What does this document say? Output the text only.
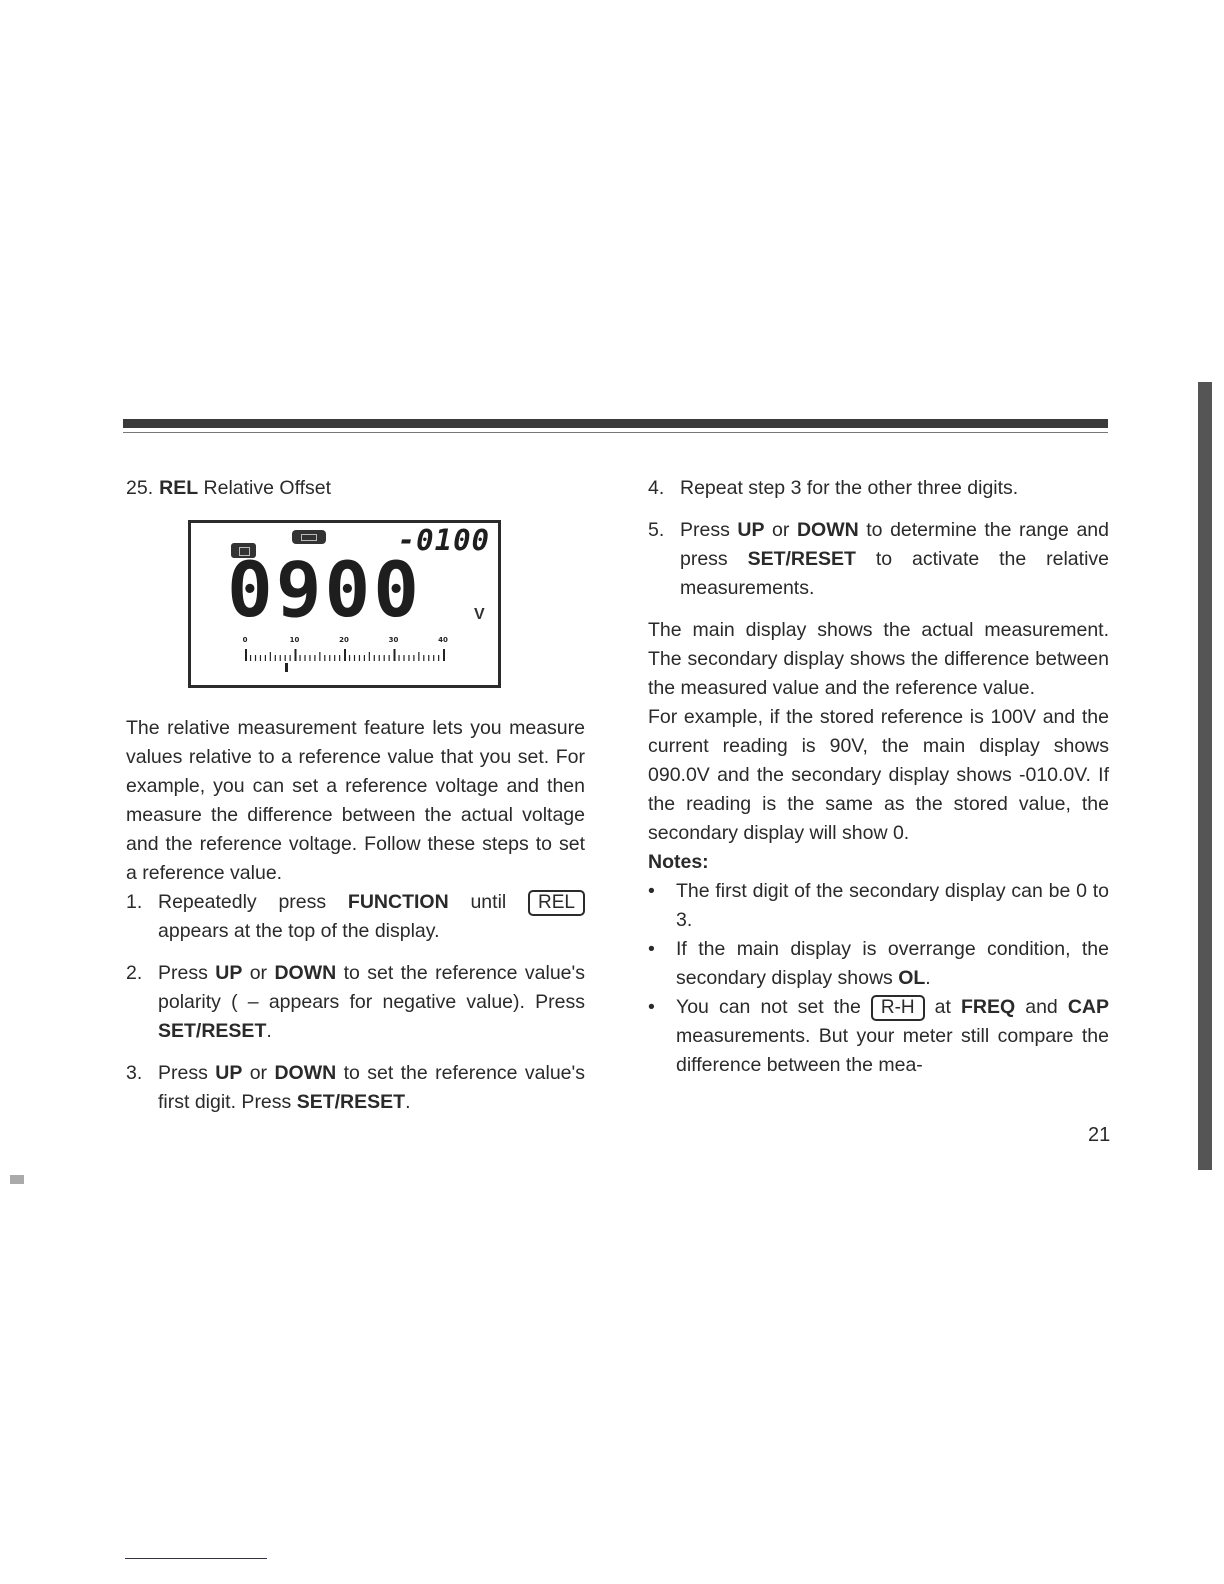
25. REL Relative Offset
-0100
0900	V
0	10	20	30	40
The relative measurement feature lets you measure values relative to a reference value that you set. For example, you can set a reference voltage and then measure the difference between the actual voltage and the reference voltage. Follow these steps to set a reference value.
1. Repeatedly press FUNCTION until REL appears at the top of the display.
2. Press UP or DOWN to set the reference value's polarity ( – appears for negative value). Press SET/RESET.
3. Press UP or DOWN to set the reference value's first digit. Press SET/RESET.
4. Repeat step 3 for the other three digits.
5. Press UP or DOWN to determine the range and press SET/RESET to activate the relative measurements.
The main display shows the actual measurement. The secondary display shows the difference between the measured value and the reference value.
For example, if the stored reference is 100V and the current reading is 90V, the main display shows 090.0V and the secondary display shows -010.0V. If the reading is the same as the stored value, the secondary display will show 0.
Notes:
• The first digit of the secondary display can be 0 to 3.
• If the main display is overrange condition, the secondary display shows OL.
• You can not set the R-H at FREQ and CAP measurements. But your meter still compare the difference between the mea-
21
